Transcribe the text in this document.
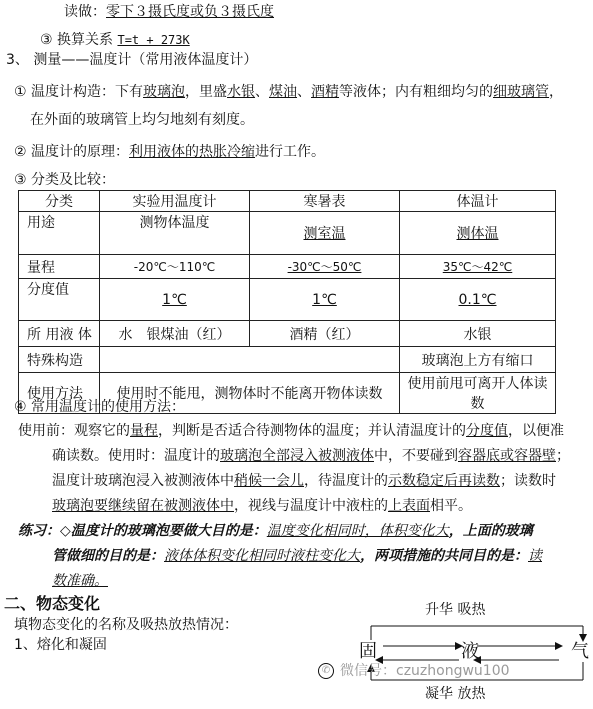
读做：零下３摄氏度或负３摄氏度
③ 换算关系 T=t + 273K
3、 测量——温度计（常用液体温度计）
① 温度计构造：下有玻璃泡，里盛水银、煤油、酒精等液体；内有粗细均匀的细玻璃管，
在外面的玻璃管上均匀地刻有刻度。
② 温度计的原理：利用液体的热胀冷缩进行工作。
③ 分类及比较：
分类	实验用温度计	寒暑表	体温计
用途	测物体温度	测室温	测体温
量程	-20℃～110℃	-30℃～50℃	35℃～42℃
分度值	1℃	1℃	0.1℃
所 用液 体	水　银煤油（红）	酒精（红）	水银
特殊构造			玻璃泡上方有缩口
使用方法	使用时不能甩，测物体时不能离开物体读数		使用前甩可离开人体读数
④ 常用温度计的使用方法：
使用前：观察它的量程，判断是否适合待测物体的温度；并认清温度计的分度值，以便准
确读数。使用时：温度计的玻璃泡全部浸入被测液体中，不要碰到容器底或容器壁；
温度计玻璃泡浸入被测液体中稍候一会儿，待温度计的示数稳定后再读数；读数时
玻璃泡要继续留在被测液体中，视线与温度计中液柱的上表面相平。
练习：◇温度计的玻璃泡要做大目的是：温度变化相同时，体积变化大，上面的玻璃
管做细的目的是：液体体积变化相同时液柱变化大，两项措施的共同目的是：读
数准确。
二、物态变化
填物态变化的名称及吸热放热情况：
1、熔化和凝固
升华 吸热
固	液	气
凝华 放热
✆ 微信号：czuzhongwu100
